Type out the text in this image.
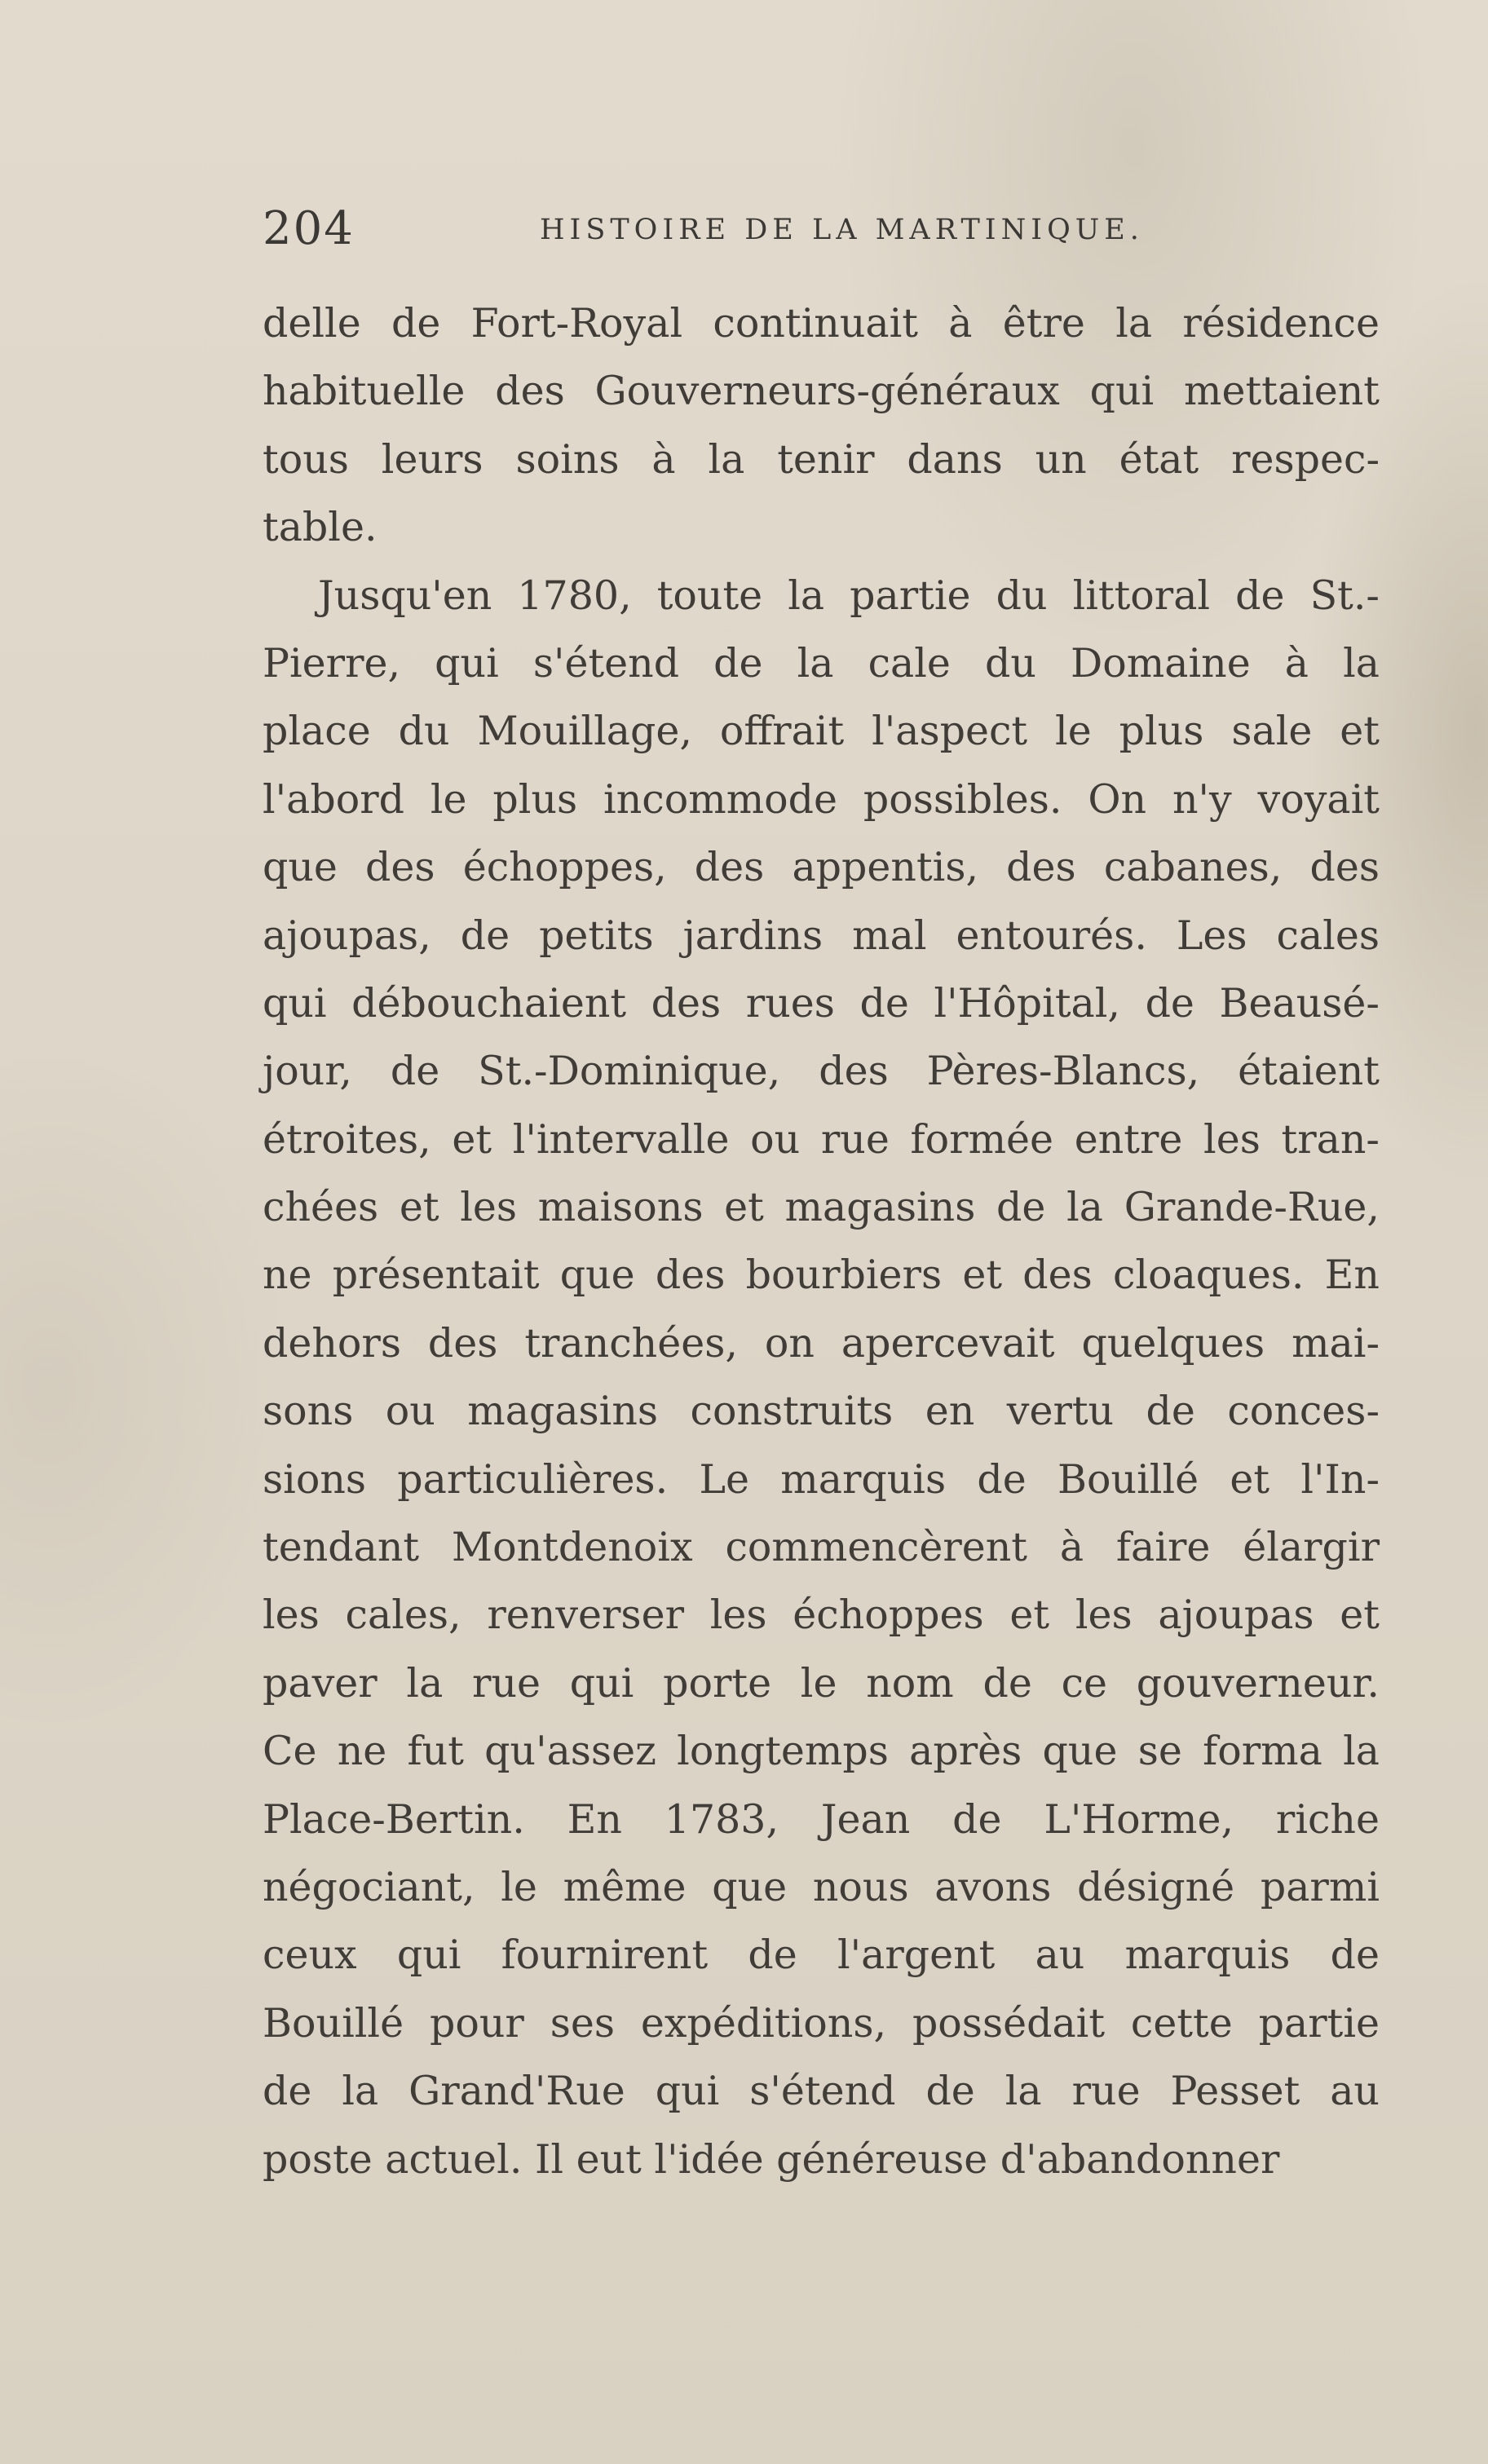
204	HISTOIRE DE LA MARTINIQUE.
delle de Fort-Royal continuait à être la résidence
habituelle des Gouverneurs-généraux qui mettaient
tous leurs soins à la tenir dans un état respec-
table.
Jusqu'en 1780, toute la partie du littoral de St.-
Pierre, qui s'étend de la cale du Domaine à la
place du Mouillage, offrait l'aspect le plus sale et
l'abord le plus incommode possibles. On n'y voyait
que des échoppes, des appentis, des cabanes, des
ajoupas, de petits jardins mal entourés. Les cales
qui débouchaient des rues de l'Hôpital, de Beausé-
jour, de St.-Dominique, des Pères-Blancs, étaient
étroites, et l'intervalle ou rue formée entre les tran-
chées et les maisons et magasins de la Grande-Rue,
ne présentait que des bourbiers et des cloaques. En
dehors des tranchées, on apercevait quelques mai-
sons ou magasins construits en vertu de conces-
sions particulières. Le marquis de Bouillé et l'In-
tendant Montdenoix commencèrent à faire élargir
les cales, renverser les échoppes et les ajoupas et
paver la rue qui porte le nom de ce gouverneur.
Ce ne fut qu'assez longtemps après que se forma la
Place-Bertin. En 1783, Jean de L'Horme, riche
négociant, le même que nous avons désigné parmi
ceux qui fournirent de l'argent au marquis de
Bouillé pour ses expéditions, possédait cette partie
de la Grand'Rue qui s'étend de la rue Pesset au
poste actuel. Il eut l'idée généreuse d'abandonner
